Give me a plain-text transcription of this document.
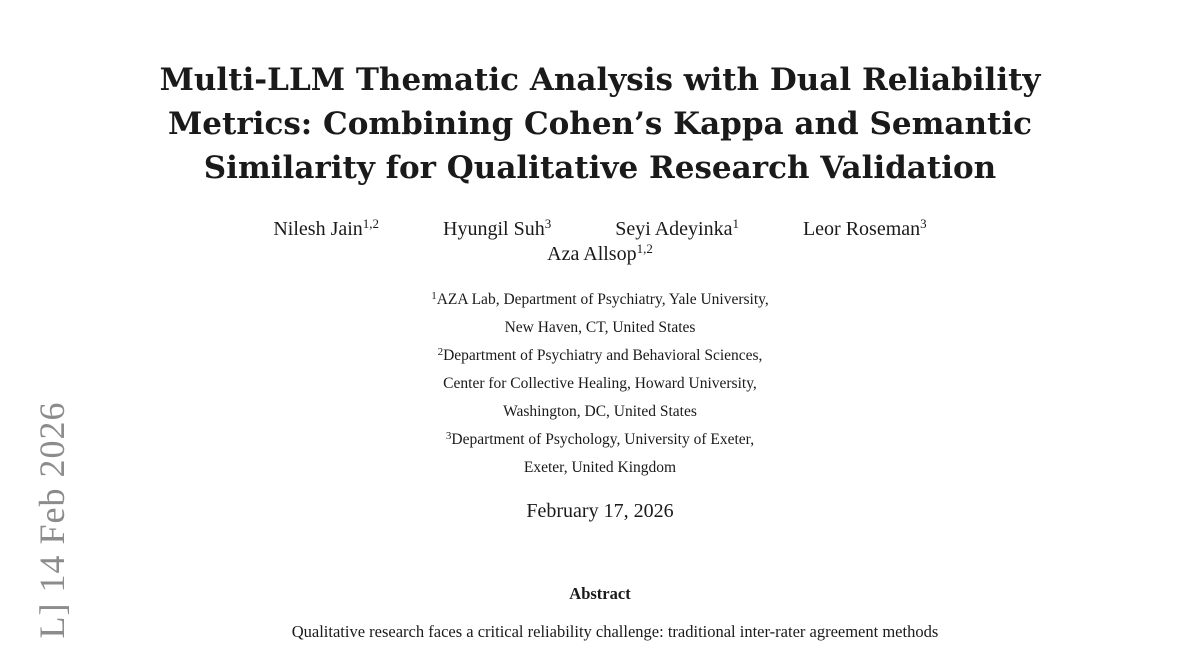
L] 14 Feb 2026
Multi-LLM Thematic Analysis with Dual Reliability
Metrics: Combining Cohen’s Kappa and Semantic
Similarity for Qualitative Research Validation
Nilesh Jain$^{1,2}$	Hyungil Suh$^3$	Seyi Adeyinka$^1$	Leor Roseman$^3$
Aza Allsop$^{1,2}$
$^1$AZA Lab, Department of Psychiatry, Yale University,
New Haven, CT, United States
$^2$Department of Psychiatry and Behavioral Sciences,
Center for Collective Healing, Howard University,
Washington, DC, United States
$^3$Department of Psychology, University of Exeter,
Exeter, United Kingdom
February 17, 2026
Abstract
Qualitative research faces a critical reliability challenge: traditional inter-rater agreement methods
